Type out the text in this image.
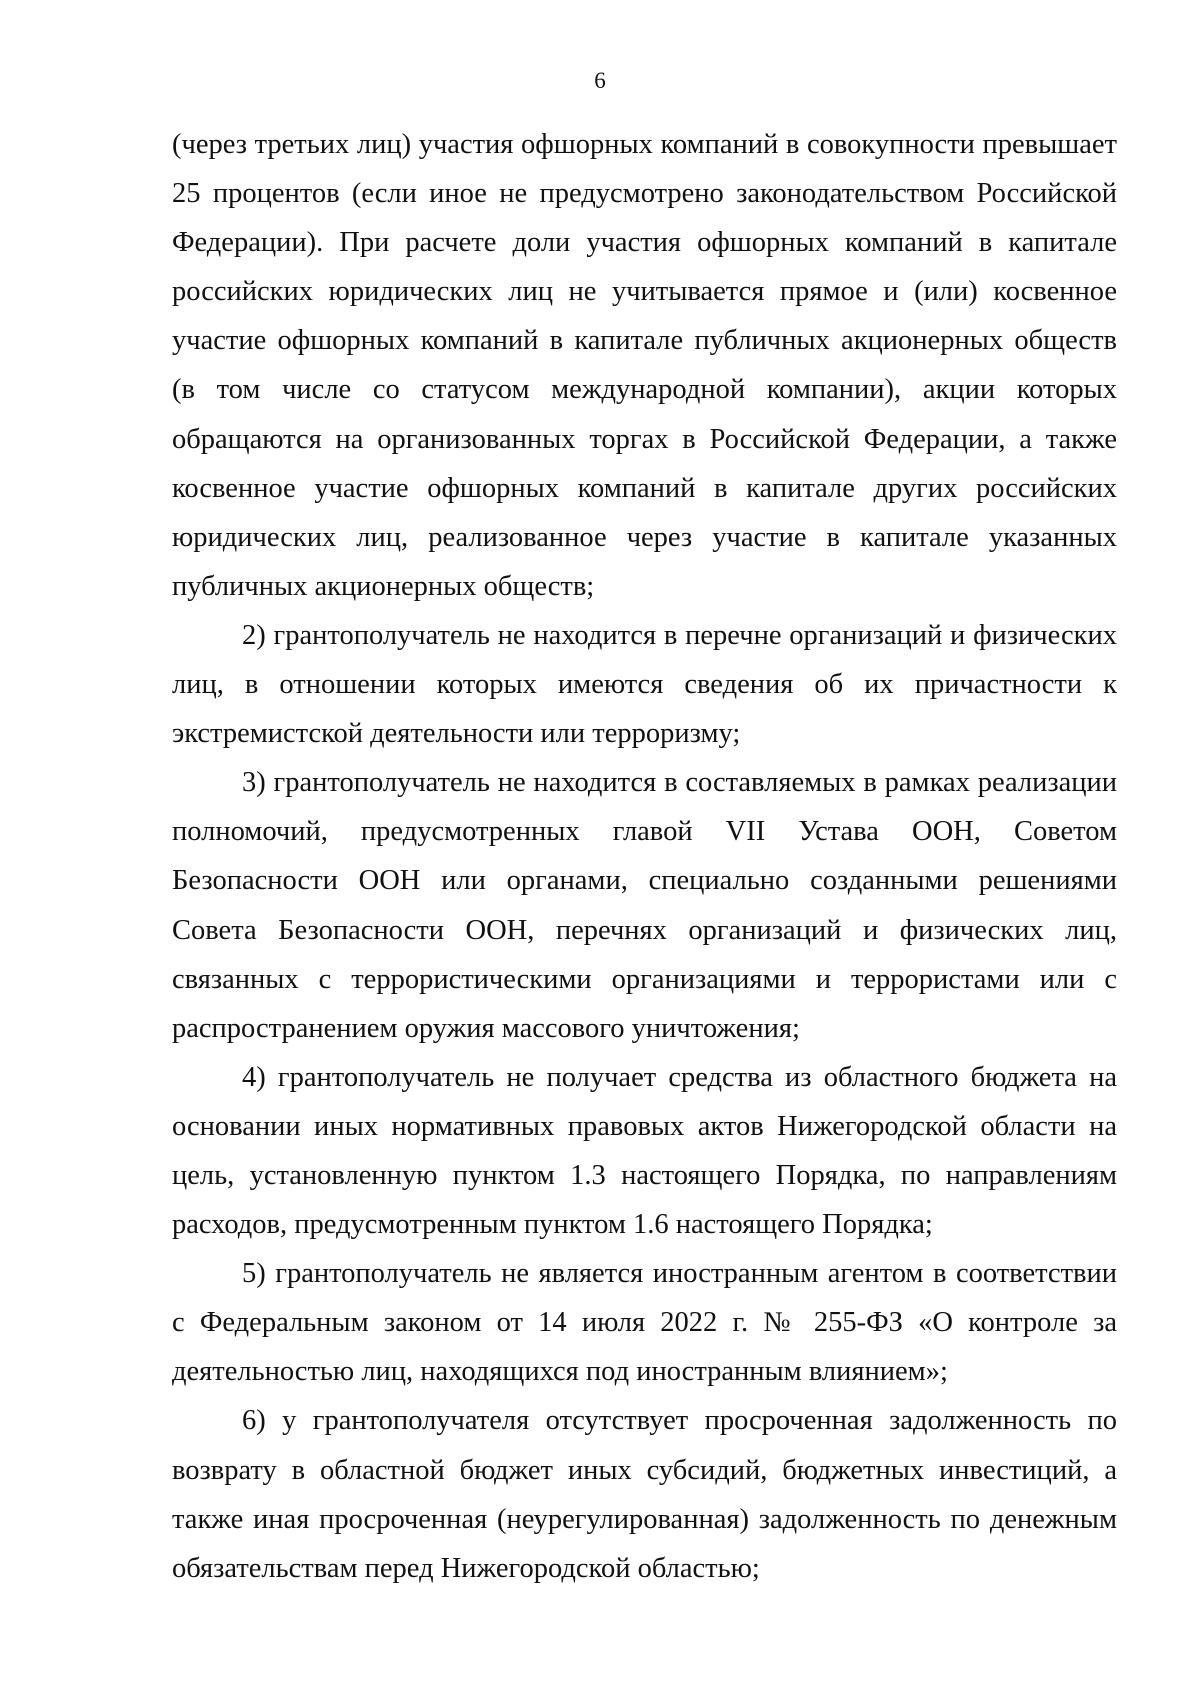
6

(через третьих лиц) участия офшорных компаний в совокупности превышает 25 процентов (если иное не предусмотрено законодательством Российской Федерации). При расчете доли участия офшорных компаний в капитале российских юридических лиц не учитывается прямое и (или) косвенное участие офшорных компаний в капитале публичных акционерных обществ (в том числе со статусом международной компании), акции которых обращаются на организованных торгах в Российской Федерации, а также косвенное участие офшорных компаний в капитале других российских юридических лиц, реализованное через участие в капитале указанных публичных акционерных обществ;

2) грантополучатель не находится в перечне организаций и физических лиц, в отношении которых имеются сведения об их причастности к экстремистской деятельности или терроризму;

3) грантополучатель не находится в составляемых в рамках реализации полномочий, предусмотренных главой VII Устава ООН, Советом Безопасности ООН или органами, специально созданными решениями Совета Безопасности ООН, перечнях организаций и физических лиц, связанных с террористическими организациями и террористами или с распространением оружия массового уничтожения;

4) грантополучатель не получает средства из областного бюджета на основании иных нормативных правовых актов Нижегородской области на цель, установленную пунктом 1.3 настоящего Порядка, по направлениям расходов, предусмотренным пунктом 1.6 настоящего Порядка;

5) грантополучатель не является иностранным агентом в соответствии с Федеральным законом от 14 июля 2022 г. № 255-ФЗ «О контроле за деятельностью лиц, находящихся под иностранным влиянием»;

6) у грантополучателя отсутствует просроченная задолженность по возврату в областной бюджет иных субсидий, бюджетных инвестиций, а также иная просроченная (неурегулированная) задолженность по денежным обязательствам перед Нижегородской областью;
